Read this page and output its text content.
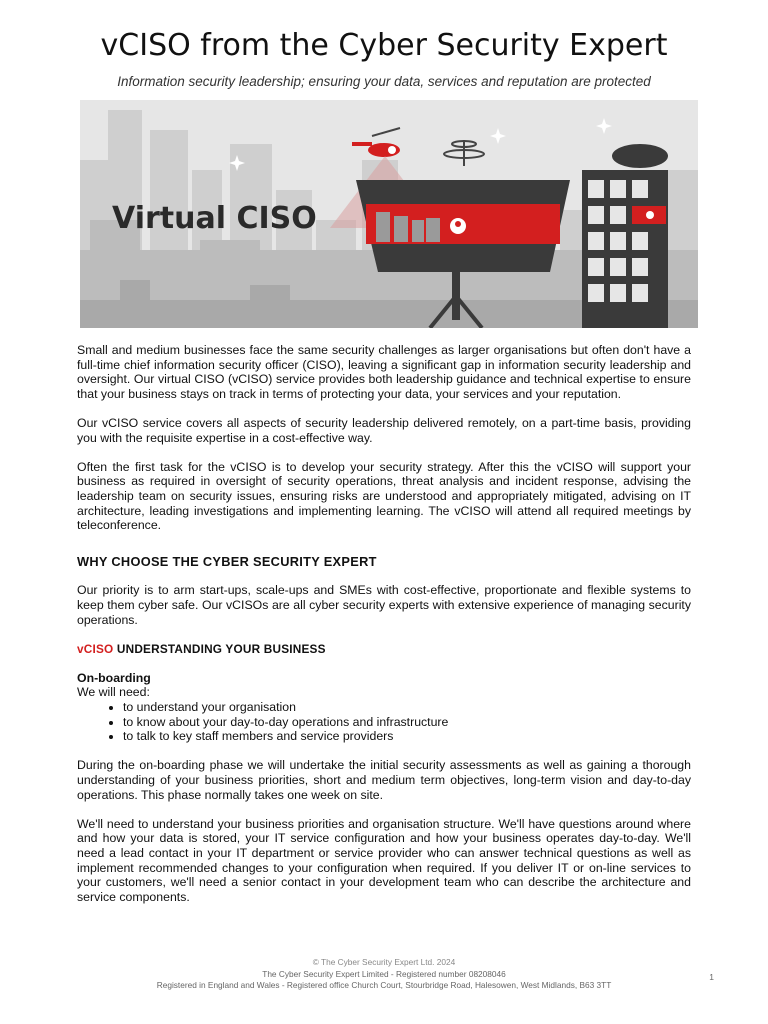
vCISO from the Cyber Security Expert

Information security leadership; ensuring your data, services and reputation are protected

Virtual CISO

Small and medium businesses face the same security challenges as larger organisations but often don't have a full-time chief information security officer (CISO), leaving a significant gap in information security leadership and oversight. Our virtual CISO (vCISO) service provides both leadership guidance and technical expertise to ensure that your business stays on track in terms of protecting your data, your services and your reputation.

Our vCISO service covers all aspects of security leadership delivered remotely, on a part-time basis, providing you with the requisite expertise in a cost-effective way.

Often the first task for the vCISO is to develop your security strategy. After this the vCISO will support your business as required in oversight of security operations, threat analysis and incident response, advising the leadership team on security issues, ensuring risks are understood and appropriately mitigated, advising on IT architecture, leading investigations and implementing learning. The vCISO will attend all required meetings by teleconference.

WHY CHOOSE THE CYBER SECURITY EXPERT

Our priority is to arm start-ups, scale-ups and SMEs with cost-effective, proportionate and flexible systems to keep them cyber safe. Our vCISOs are all cyber security experts with extensive experience of managing security operations.

vCISO UNDERSTANDING YOUR BUSINESS
On-boarding
We will need:
• to understand your organisation
• to know about your day-to-day operations and infrastructure
• to talk to key staff members and service providers

During the on-boarding phase we will undertake the initial security assessments as well as gaining a thorough understanding of your business priorities, short and medium term objectives, long-term vision and day-to-day operations. This phase normally takes one week on site.

We'll need to understand your business priorities and organisation structure. We'll have questions around where and how your data is stored, your IT service configuration and how your business operates day-to-day. We'll need a lead contact in your IT department or service provider who can answer technical questions as well as implement recommended changes to your configuration when required. If you deliver IT or on-line services to your customers, we'll need a senior contact in your development team who can describe the architecture and service components.

© The Cyber Security Expert Ltd. 2024
The Cyber Security Expert Limited - Registered number 08208046
Registered in England and Wales - Registered office Church Court, Stourbridge Road, Halesowen, West Midlands, B63 3TT
1
